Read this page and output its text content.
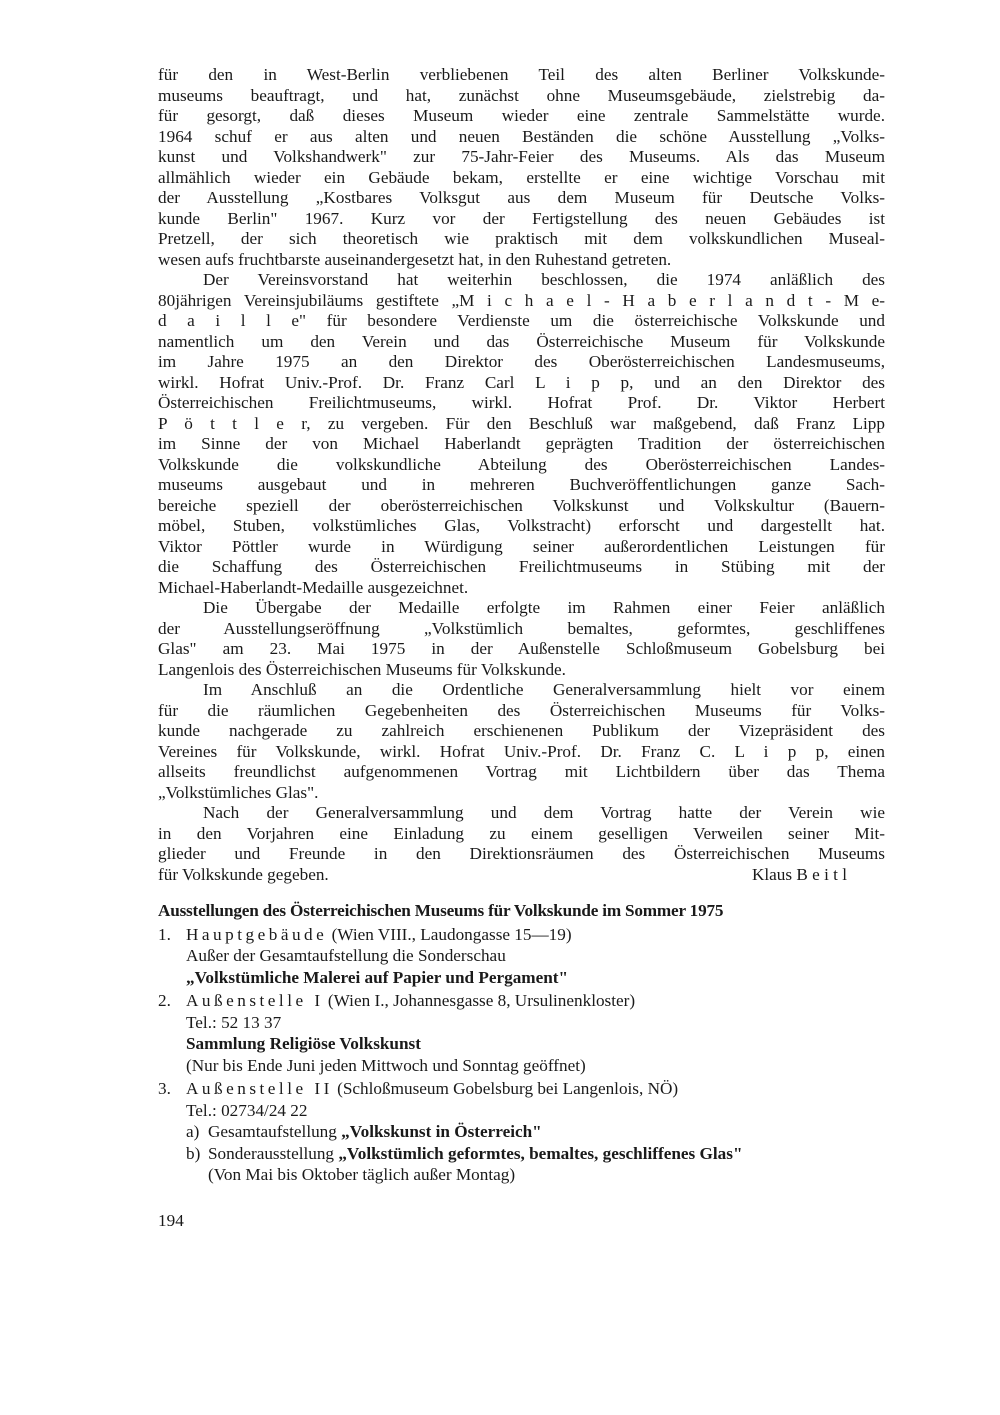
für den in West-Berlin verbliebenen Teil des alten Berliner Volkskunde-
museums beauftragt, und hat, zunächst ohne Museumsgebäude, zielstrebig da-
für gesorgt, daß dieses Museum wieder eine zentrale Sammelstätte wurde.
1964 schuf er aus alten und neuen Beständen die schöne Ausstellung „Volks-
kunst und Volkshandwerk" zur 75-Jahr-Feier des Museums. Als das Museum
allmählich wieder ein Gebäude bekam, erstellte er eine wichtige Vorschau mit
der Ausstellung „Kostbares Volksgut aus dem Museum für Deutsche Volks-
kunde Berlin" 1967. Kurz vor der Fertigstellung des neuen Gebäudes ist
Pretzell, der sich theoretisch wie praktisch mit dem volkskundlichen Museal-
wesen aufs fruchtbarste auseinandergesetzt hat, in den Ruhestand getreten.
Der Vereinsvorstand hat weiterhin beschlossen, die 1974 anläßlich des
80jährigen Vereinsjubiläums gestiftete „M i c h a e l - H a b e r l a n d t - M e-
d a i l l e" für besondere Verdienste um die österreichische Volkskunde und
namentlich um den Verein und das Österreichische Museum für Volkskunde
im Jahre 1975 an den Direktor des Oberösterreichischen Landesmuseums,
wirkl. Hofrat Univ.-Prof. Dr. Franz Carl L i p p, und an den Direktor des
Österreichischen Freilichtmuseums, wirkl. Hofrat Prof. Dr. Viktor Herbert
P ö t t l e r, zu vergeben. Für den Beschluß war maßgebend, daß Franz Lipp
im Sinne der von Michael Haberlandt geprägten Tradition der österreichischen
Volkskunde die volkskundliche Abteilung des Oberösterreichischen Landes-
museums ausgebaut und in mehreren Buchveröffentlichungen ganze Sach-
bereiche speziell der oberösterreichischen Volkskunst und Volkskultur (Bauern-
möbel, Stuben, volkstümliches Glas, Volkstracht) erforscht und dargestellt hat.
Viktor Pöttler wurde in Würdigung seiner außerordentlichen Leistungen für
die Schaffung des Österreichischen Freilichtmuseums in Stübing mit der
Michael-Haberlandt-Medaille ausgezeichnet.
Die Übergabe der Medaille erfolgte im Rahmen einer Feier anläßlich
der Ausstellungseröffnung „Volkstümlich bemaltes, geformtes, geschliffenes
Glas" am 23. Mai 1975 in der Außenstelle Schloßmuseum Gobelsburg bei
Langenlois des Österreichischen Museums für Volkskunde.
Im Anschluß an die Ordentliche Generalversammlung hielt vor einem
für die räumlichen Gegebenheiten des Österreichischen Museums für Volks-
kunde nachgerade zu zahlreich erschienenen Publikum der Vizepräsident des
Vereines für Volkskunde, wirkl. Hofrat Univ.-Prof. Dr. Franz C. L i p p, einen
allseits freundlichst aufgenommenen Vortrag mit Lichtbildern über das Thema
„Volkstümliches Glas".
Nach der Generalversammlung und dem Vortrag hatte der Verein wie
in den Vorjahren eine Einladung zu einem geselligen Verweilen seiner Mit-
glieder und Freunde in den Direktionsräumen des Österreichischen Museums
für Volkskunde gegeben.	Klaus B e i t l
Ausstellungen des Österreichischen Museums für Volkskunde im Sommer 1975
1. Hauptgebäude (Wien VIII., Laudongasse 15—19)
Außer der Gesamtaufstellung die Sonderschau
„Volkstümliche Malerei auf Papier und Pergament"
2. Außenstelle I (Wien I., Johannesgasse 8, Ursulinenkloster)
Tel.: 52 13 37
Sammlung Religiöse Volkskunst
(Nur bis Ende Juni jeden Mittwoch und Sonntag geöffnet)
3. Außenstelle II (Schloßmuseum Gobelsburg bei Langenlois, NÖ)
Tel.: 02734/24 22
a) Gesamtaufstellung „Volkskunst in Österreich"
b) Sonderausstellung „Volkstümlich geformtes, bemaltes, geschliffenes Glas"
(Von Mai bis Oktober täglich außer Montag)
194
